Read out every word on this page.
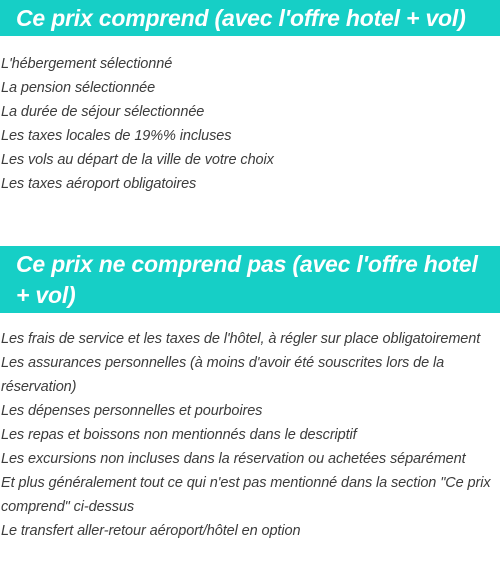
Ce prix comprend (avec l'offre hotel + vol)
L'hébergement sélectionné
La pension sélectionnée
La durée de séjour sélectionnée
Les taxes locales de 19%% incluses
Les vols au départ de la ville de votre choix
Les taxes aéroport obligatoires
Ce prix ne comprend pas (avec l'offre hotel + vol)
Les frais de service et les taxes de l'hôtel, à régler sur place obligatoirement
Les assurances personnelles (à moins d'avoir été souscrites lors de la réservation)
Les dépenses personnelles et pourboires
Les repas et boissons non mentionnés dans le descriptif
Les excursions non incluses dans la réservation ou achetées séparément
Et plus généralement tout ce qui n'est pas mentionné dans la section "Ce prix comprend" ci-dessus
Le transfert aller-retour aéroport/hôtel en option
